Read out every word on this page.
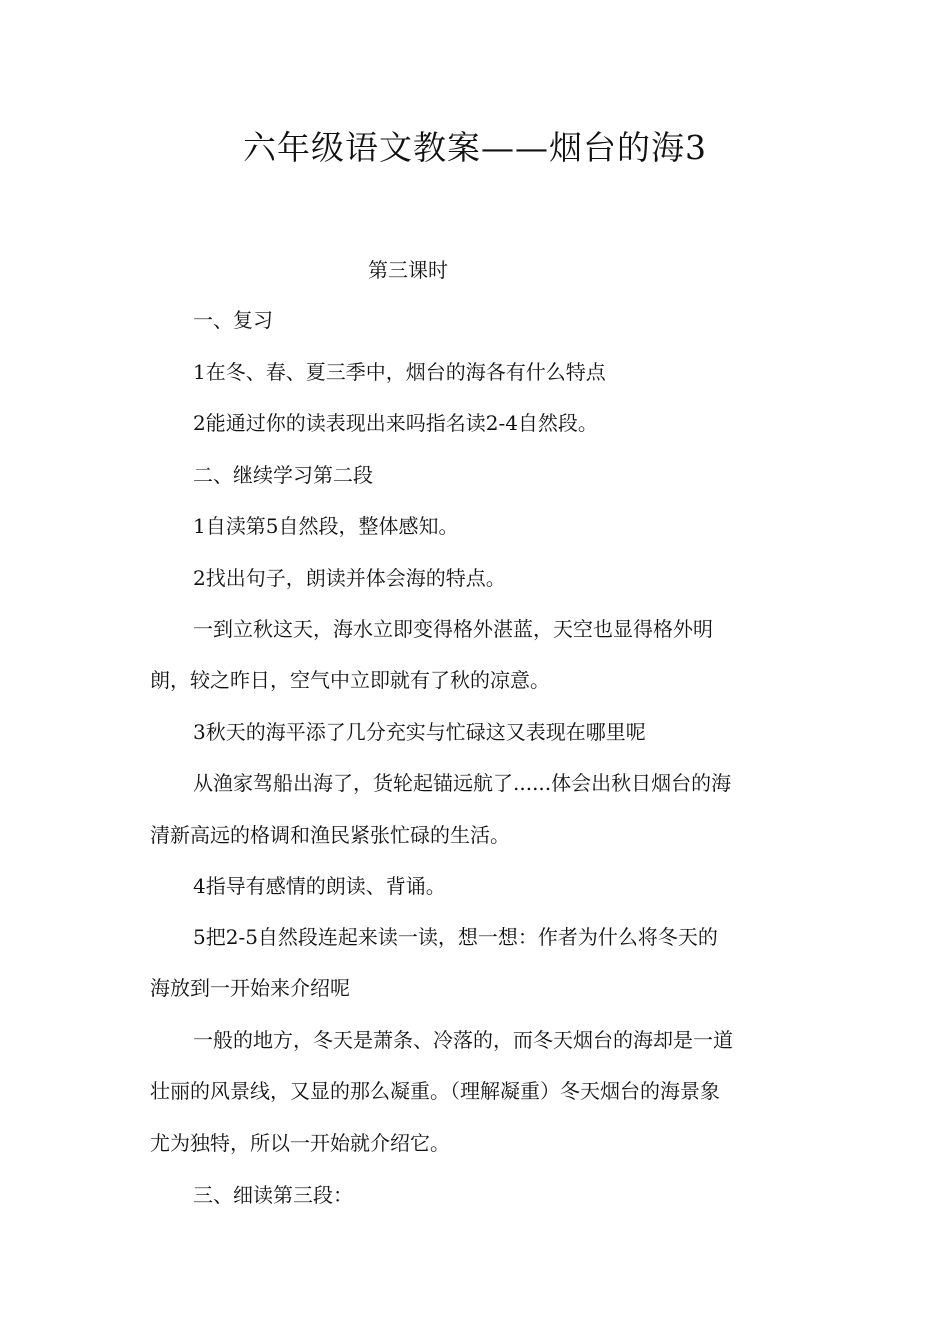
六年级语文教案——烟台的海3
第三课时
一、复习
1在冬、春、夏三季中，烟台的海各有什么特点
2能通过你的读表现出来吗指名读2-4自然段。
二、继续学习第二段
1自渎第5自然段，整体感知。
2找出句子，朗读并体会海的特点。
一到立秋这天，海水立即变得格外湛蓝，天空也显得格外明
朗，较之昨日，空气中立即就有了秋的凉意。
3秋天的海平添了几分充实与忙碌这又表现在哪里呢
从渔家驾船出海了，货轮起锚远航了......体会出秋日烟台的海
清新高远的格调和渔民紧张忙碌的生活。
4指导有感情的朗读、背诵。
5把2-5自然段连起来读一读，想一想：作者为什么将冬天的
海放到一开始来介绍呢
一般的地方，冬天是萧条、冷落的，而冬天烟台的海却是一道
壮丽的风景线，又显的那么凝重。（理解凝重）冬天烟台的海景象
尤为独特，所以一开始就介绍它。
三、细读第三段：
